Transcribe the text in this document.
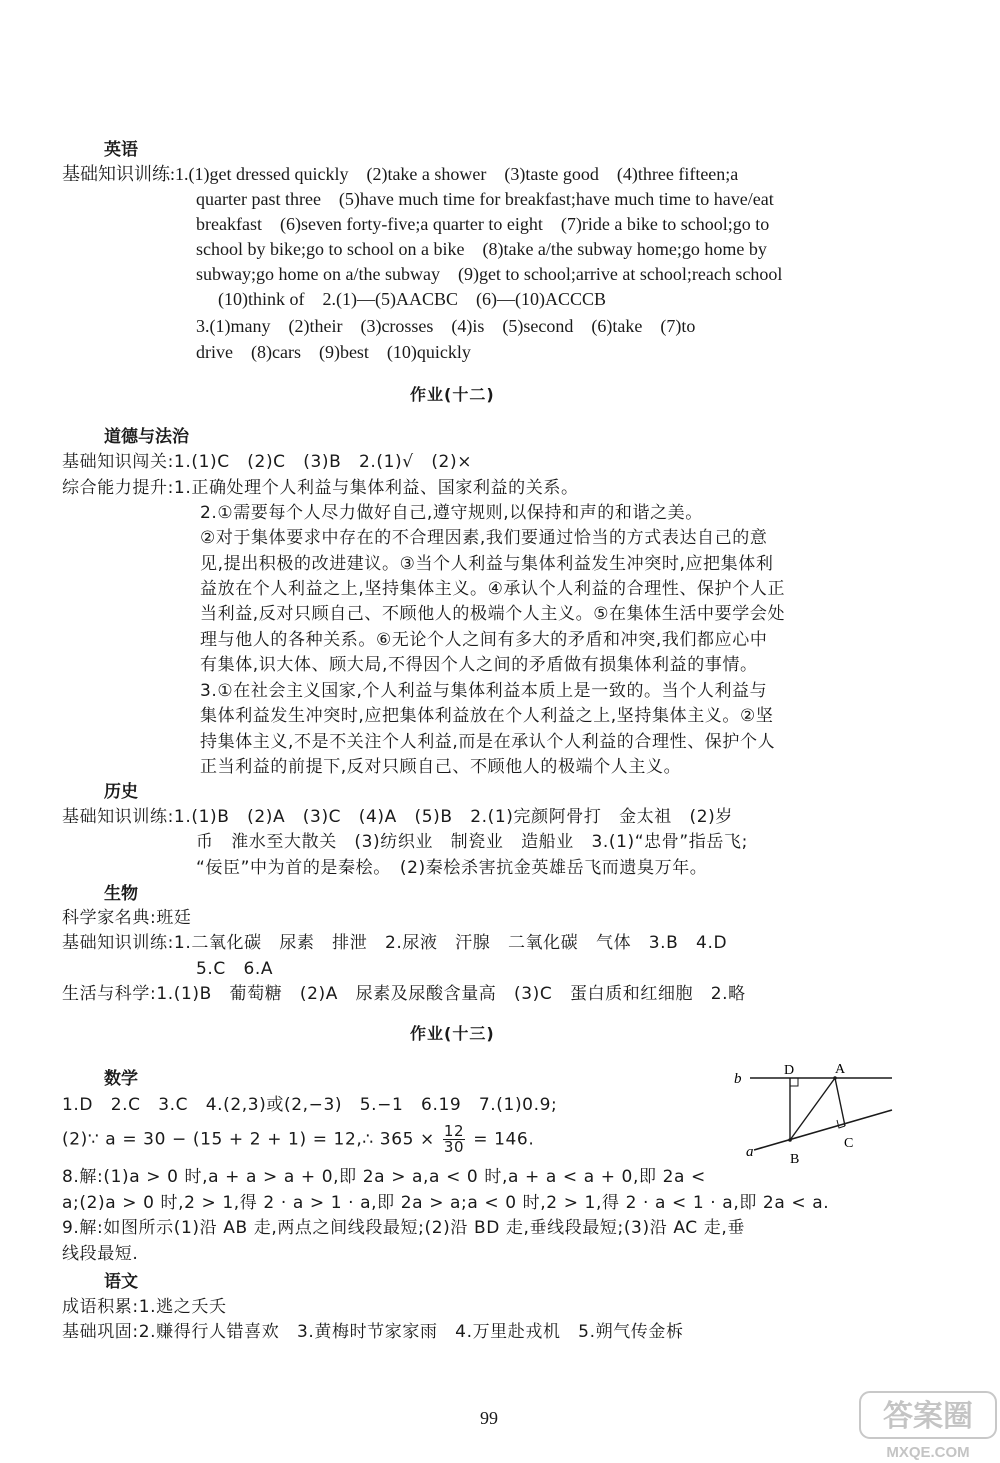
英语
基础知识训练:1.(1)get dressed quickly　(2)take a shower　(3)taste good　(4)three fifteen;a
quarter past three　(5)have much time for breakfast;have much time to have/eat
breakfast　(6)seven forty-five;a quarter to eight　(7)ride a bike to school;go to
school by bike;go to school on a bike　(8)take a/the subway home;go home by
subway;go home on a/the subway　(9)get to school;arrive at school;reach school
(10)think of　2.(1)—(5)AACBC　(6)—(10)ACCCB
3.(1)many　(2)their　(3)crosses　(4)is　(5)second　(6)take　(7)to
drive　(8)cars　(9)best　(10)quickly
作业(十二)
道德与法治
基础知识闯关:1.(1)C　(2)C　(3)B　2.(1)√　(2)×
综合能力提升:1.正确处理个人利益与集体利益、国家利益的关系。
2.①需要每个人尽力做好自己,遵守规则,以保持和声的和谐之美。
②对于集体要求中存在的不合理因素,我们要通过恰当的方式表达自己的意
见,提出积极的改进建议。③当个人利益与集体利益发生冲突时,应把集体利
益放在个人利益之上,坚持集体主义。④承认个人利益的合理性、保护个人正
当利益,反对只顾自己、不顾他人的极端个人主义。⑤在集体生活中要学会处
理与他人的各种关系。⑥无论个人之间有多大的矛盾和冲突,我们都应心中
有集体,识大体、顾大局,不得因个人之间的矛盾做有损集体利益的事情。
3.①在社会主义国家,个人利益与集体利益本质上是一致的。当个人利益与
集体利益发生冲突时,应把集体利益放在个人利益之上,坚持集体主义。②坚
持集体主义,不是不关注个人利益,而是在承认个人利益的合理性、保护个人
正当利益的前提下,反对只顾自己、不顾他人的极端个人主义。
历史
基础知识训练:1.(1)B　(2)A　(3)C　(4)A　(5)B　2.(1)完颜阿骨打　金太祖　(2)岁
币　淮水至大散关　(3)纺织业　制瓷业　造船业　3.(1)“忠骨”指岳飞;
“佞臣”中为首的是秦桧。　(2)秦桧杀害抗金英雄岳飞而遗臭万年。
生物
科学家名典:班廷
基础知识训练:1.二氧化碳　尿素　排泄　2.尿液　汗腺　二氧化碳　气体　3.B　4.D
5.C　6.A
生活与科学:1.(1)B　葡萄糖　(2)A　尿素及尿酸含量高　(3)C　蛋白质和红细胞　2.略
作业(十三)
数学
1.D　2.C　3.C　4.(2,3)或(2,−3)　5.−1　6.19　7.(1)0.9;
(2)∵ a = 30 − (15 + 2 + 1) = 12,∴ $365 \times \frac{12}{30} = 146$.
8.解:(1)a > 0 时,a + a > a + 0,即 2a > a,a < 0 时,a + a < a + 0,即 2a <
a;(2)a > 0 时,2 > 1,得 2 · a > 1 · a,即 2a > a;a < 0 时,2 > 1,得 2 · a < 1 · a,即 2a < a.
9.解:如图所示(1)沿 AB 走,两点之间线段最短;(2)沿 BD 走,垂线段最短;(3)沿 AC 走,垂
线段最短.
b
D	A
a	B
C
语文
成语积累:1.逃之夭夭
基础巩固:2.赚得行人错喜欢　3.黄梅时节家家雨　4.万里赴戎机　5.朔气传金柝
99	答案圈
MXQE.COM
